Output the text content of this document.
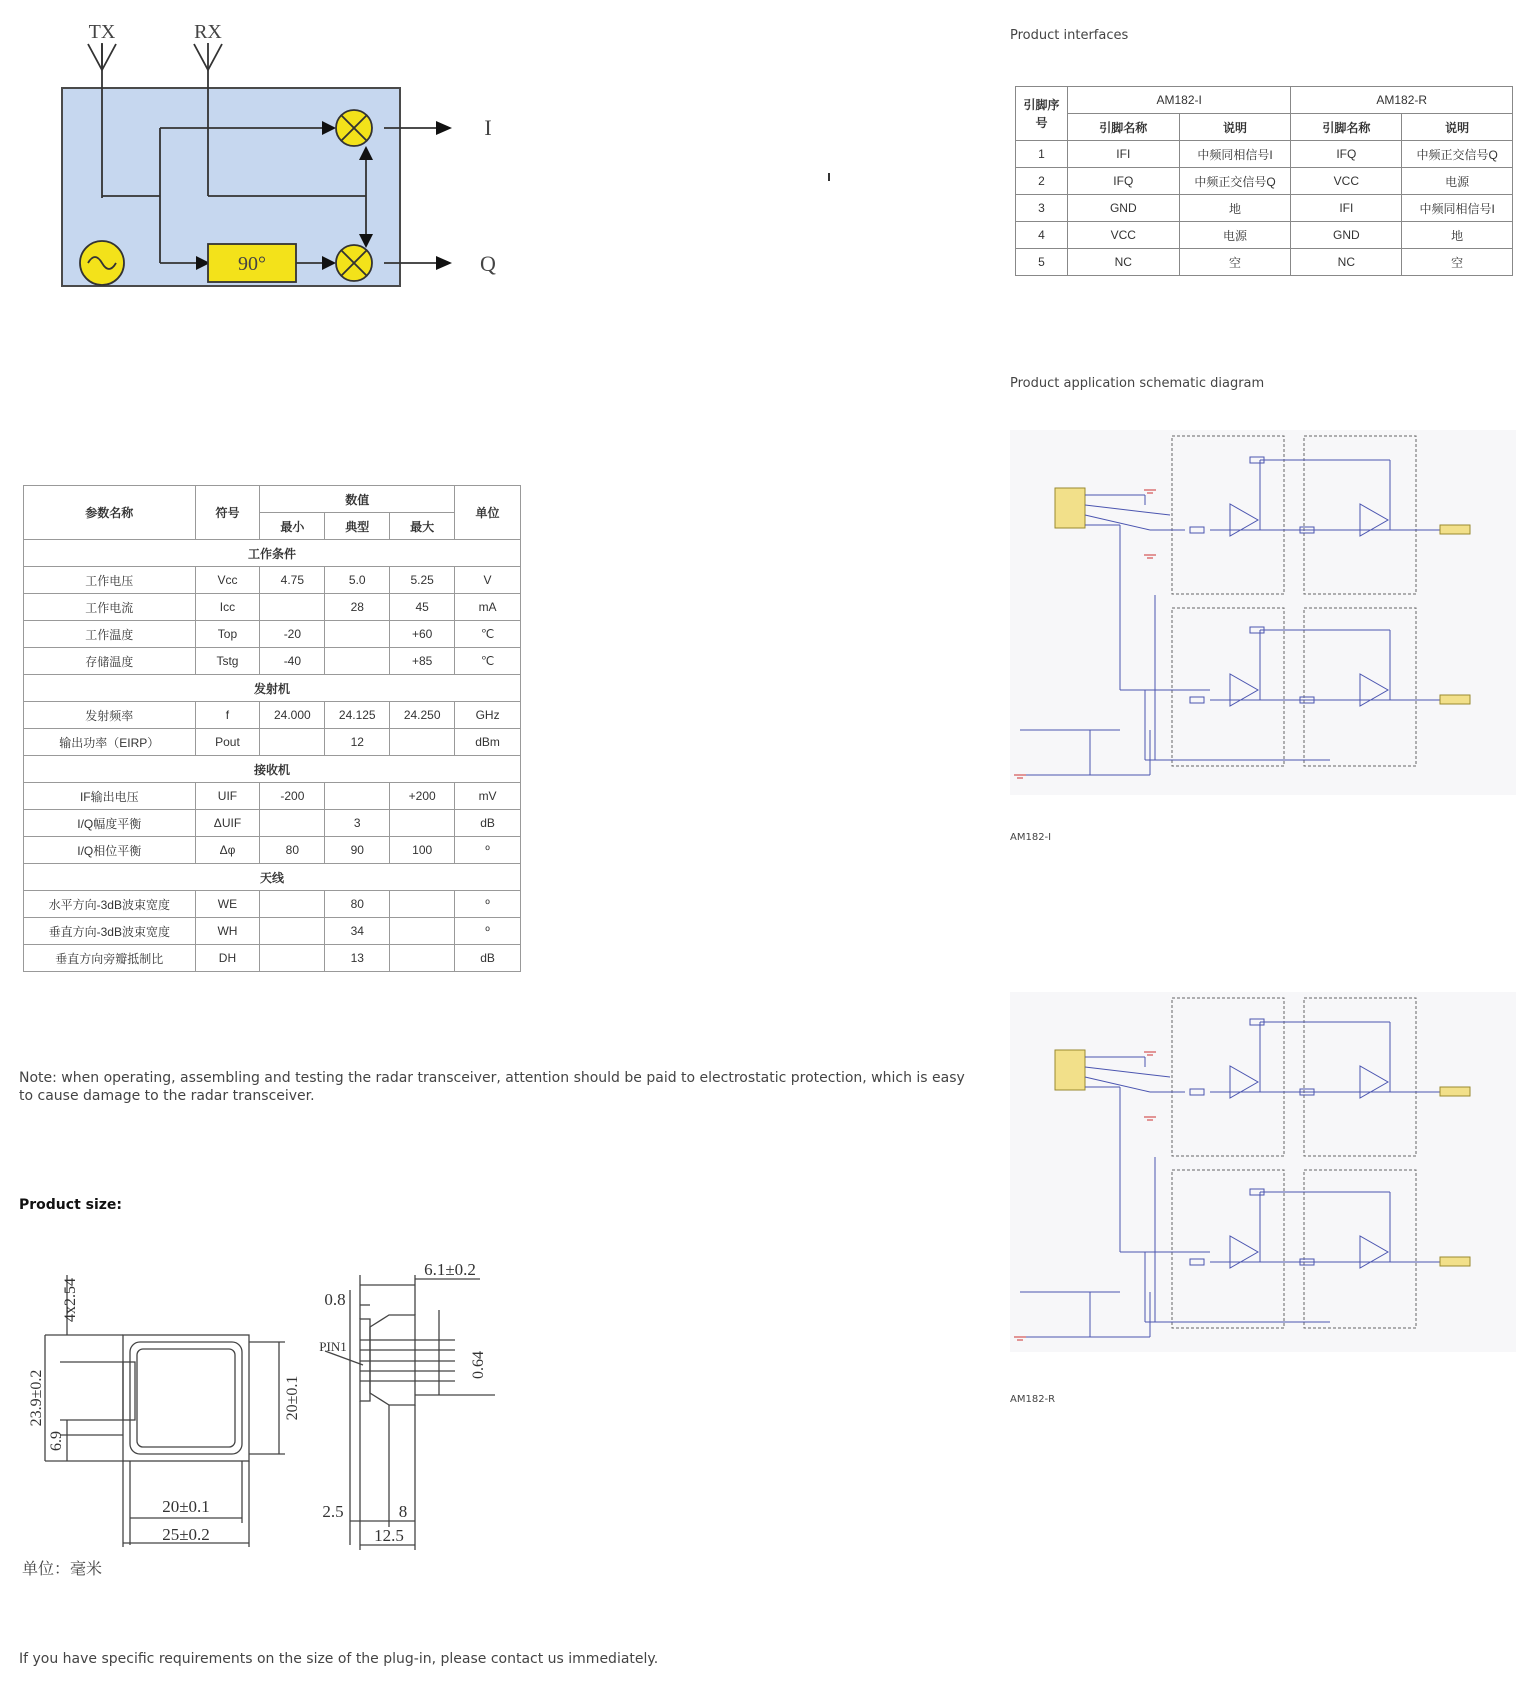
90°
TX	RX
I
Q
Product interfaces
引脚序号	AM182-I		AM182-R	
	引脚名称	说明	引脚名称	说明
1	IFI	中频同相信号I	IFQ	中频正交信号Q
2	IFQ	中频正交信号Q	VCC	电源
3	GND	地	IFI	中频同相信号I
4	VCC	电源	GND	地
5	NC	空	NC	空
Product application schematic diagram
AM182-I
AM182-R
参数名称	符号	数值			单位
		最小	典型	最大	
工作条件					
工作电压	Vcc	4.75	5.0	5.25	V
工作电流	Icc		28	45	mA
工作温度	Top	-20		+60	℃
存储温度	Tstg	-40		+85	℃
发射机					
发射频率	f	24.000	24.125	24.250	GHz
输出功率（EIRP）	Pout		12		dBm
接收机					
IF输出电压	UIF	-200		+200	mV
I/Q幅度平衡	ΔUIF		3		dB
I/Q相位平衡	Δφ	80	90	100	º
天线					
水平方向-3dB波束宽度	WE		80		º
垂直方向-3dB波束宽度	WH		34		º
垂直方向旁瓣抵制比	DH		13		dB
Note: when operating, assembling and testing the radar transceiver, attention should be paid to electrostatic protection, which is easy to cause damage to the radar transceiver.
Product size:
4x2.54
23.9±0.2
6.9
20±0.1
20±0.1
25±0.2
6.1±0.2
0.8
PIN1
0.64
2.5	8
12.5
单位：毫米
If you have specific requirements on the size of the plug-in, please contact us immediately.
